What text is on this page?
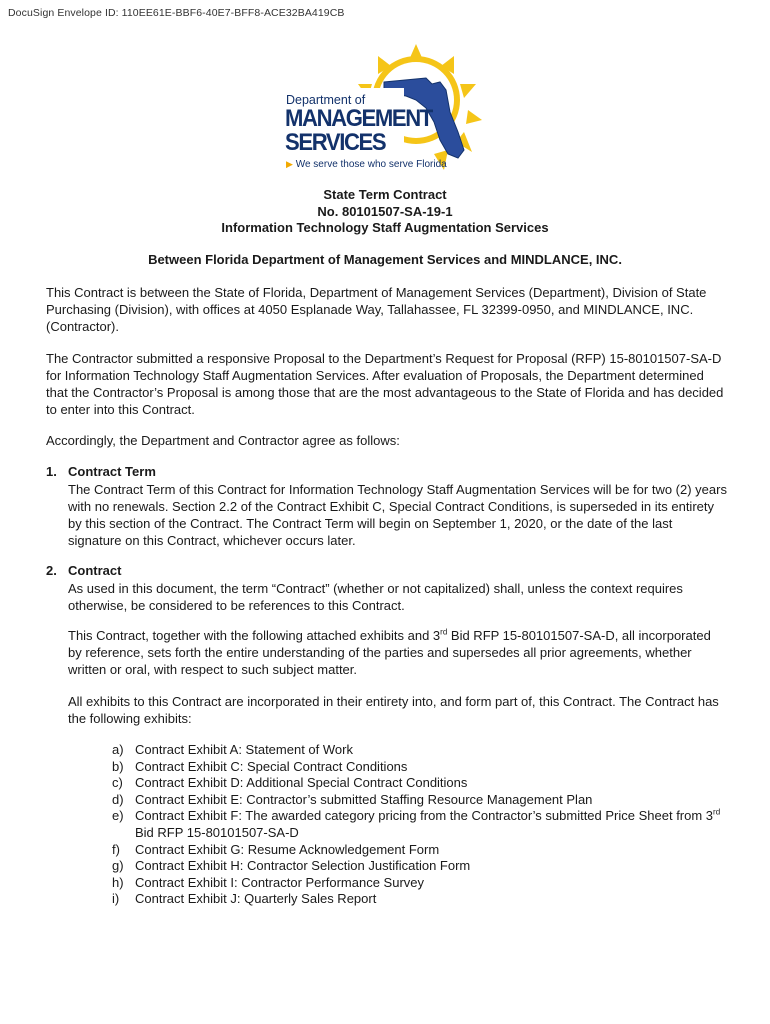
DocuSign Envelope ID: 110EE61E-BBF6-40E7-BFF8-ACE32BA419CB
Department of
MANAGEMENT
SERVICES
▶ We serve those who serve Florida
State Term Contract
No. 80101507-SA-19-1
Information Technology Staff Augmentation Services
Between Florida Department of Management Services and MINDLANCE, INC.
This Contract is between the State of Florida, Department of Management Services (Department), Division of State Purchasing (Division), with offices at 4050 Esplanade Way, Tallahassee, FL 32399-0950, and MINDLANCE, INC. (Contractor).
The Contractor submitted a responsive Proposal to the Department’s Request for Proposal (RFP) 15-80101507-SA-D for Information Technology Staff Augmentation Services. After evaluation of Proposals, the Department determined that the Contractor’s Proposal is among those that are the most advantageous to the State of Florida and has decided to enter into this Contract.
Accordingly, the Department and Contractor agree as follows:
1. Contract Term
The Contract Term of this Contract for Information Technology Staff Augmentation Services will be for two (2) years with no renewals. Section 2.2 of the Contract Exhibit C, Special Contract Conditions, is superseded in its entirety by this section of the Contract. The Contract Term will begin on September 1, 2020, or the date of the last signature on this Contract, whichever occurs later.
2. Contract
As used in this document, the term “Contract” (whether or not capitalized) shall, unless the context requires otherwise, be considered to be references to this Contract.
This Contract, together with the following attached exhibits and 3rd Bid RFP 15-80101507-SA-D, all incorporated by reference, sets forth the entire understanding of the parties and supersedes all prior agreements, whether written or oral, with respect to such subject matter.
All exhibits to this Contract are incorporated in their entirety into, and form part of, this Contract. The Contract has the following exhibits:
a) Contract Exhibit A: Statement of Work
b) Contract Exhibit C: Special Contract Conditions
c) Contract Exhibit D: Additional Special Contract Conditions
d) Contract Exhibit E: Contractor’s submitted Staffing Resource Management Plan
e) Contract Exhibit F: The awarded category pricing from the Contractor’s submitted Price Sheet from 3rd Bid RFP 15-80101507-SA-D
f) Contract Exhibit G: Resume Acknowledgement Form
g) Contract Exhibit H: Contractor Selection Justification Form
h) Contract Exhibit I: Contractor Performance Survey
i) Contract Exhibit J: Quarterly Sales Report
